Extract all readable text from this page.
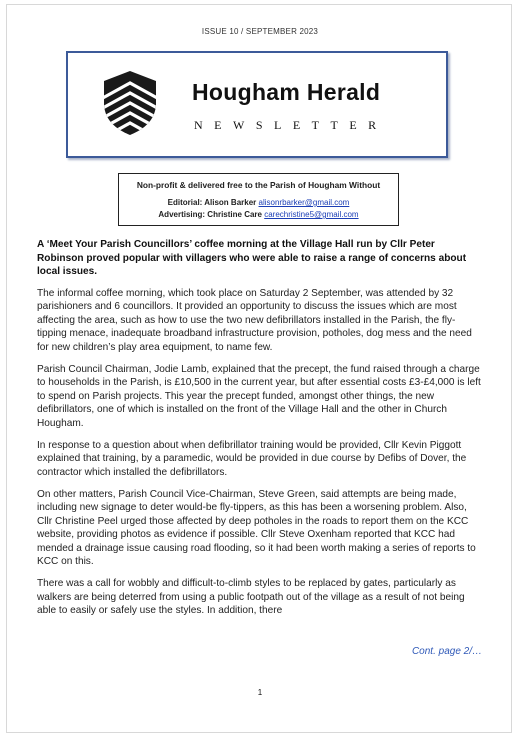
ISSUE 10 / SEPTEMBER 2023
Hougham Herald
NEWSLETTER
Non-profit & delivered free to the Parish of Hougham Without
Editorial: Alison Barker alisonrbarker@gmail.com
Advertising: Christine Care carechristine5@gmail.com

A ‘Meet Your Parish Councillors’ coffee morning at the Village Hall run by Cllr Peter Robinson proved popular with villagers who were able to raise a range of concerns about local issues.

The informal coffee morning, which took place on Saturday 2 September, was attended by 32 parishioners and 6 councillors. It provided an opportunity to discuss the issues which are most affecting the area, such as how to use the two new defibrillators installed in the Parish, the fly-tipping menace, inadequate broadband infrastructure provision, potholes, dog mess and the need for new children’s play area equipment, to name few.

Parish Council Chairman, Jodie Lamb, explained that the precept, the fund raised through a charge to households in the Parish, is £10,500 in the current year, but after essential costs £3-£4,000 is left to spend on Parish projects. This year the precept funded, amongst other things, the new defibrillators, one of which is installed on the front of the Village Hall and the other in Church Hougham.

In response to a question about when defibrillator training would be provided, Cllr Kevin Piggott explained that training, by a paramedic, would be provided in due course by Defibs of Dover, the contractor which installed the defibrillators.

On other matters, Parish Council Vice-Chairman, Steve Green, said attempts are being made, including new signage to deter would-be fly-tippers, as this has been a worsening problem. Also, Cllr Christine Peel urged those affected by deep potholes in the roads to report them on the KCC website, providing photos as evidence if possible. Cllr Steve Oxenham reported that KCC had mended a drainage issue causing road flooding, so it had been worth making a series of reports to KCC on this.

There was a call for wobbly and difficult-to-climb styles to be replaced by gates, particularly as walkers are being deterred from using a public footpath out of the village as a result of not being able to easily or safely use the styles. In addition, there

Cont. page 2/…
1
